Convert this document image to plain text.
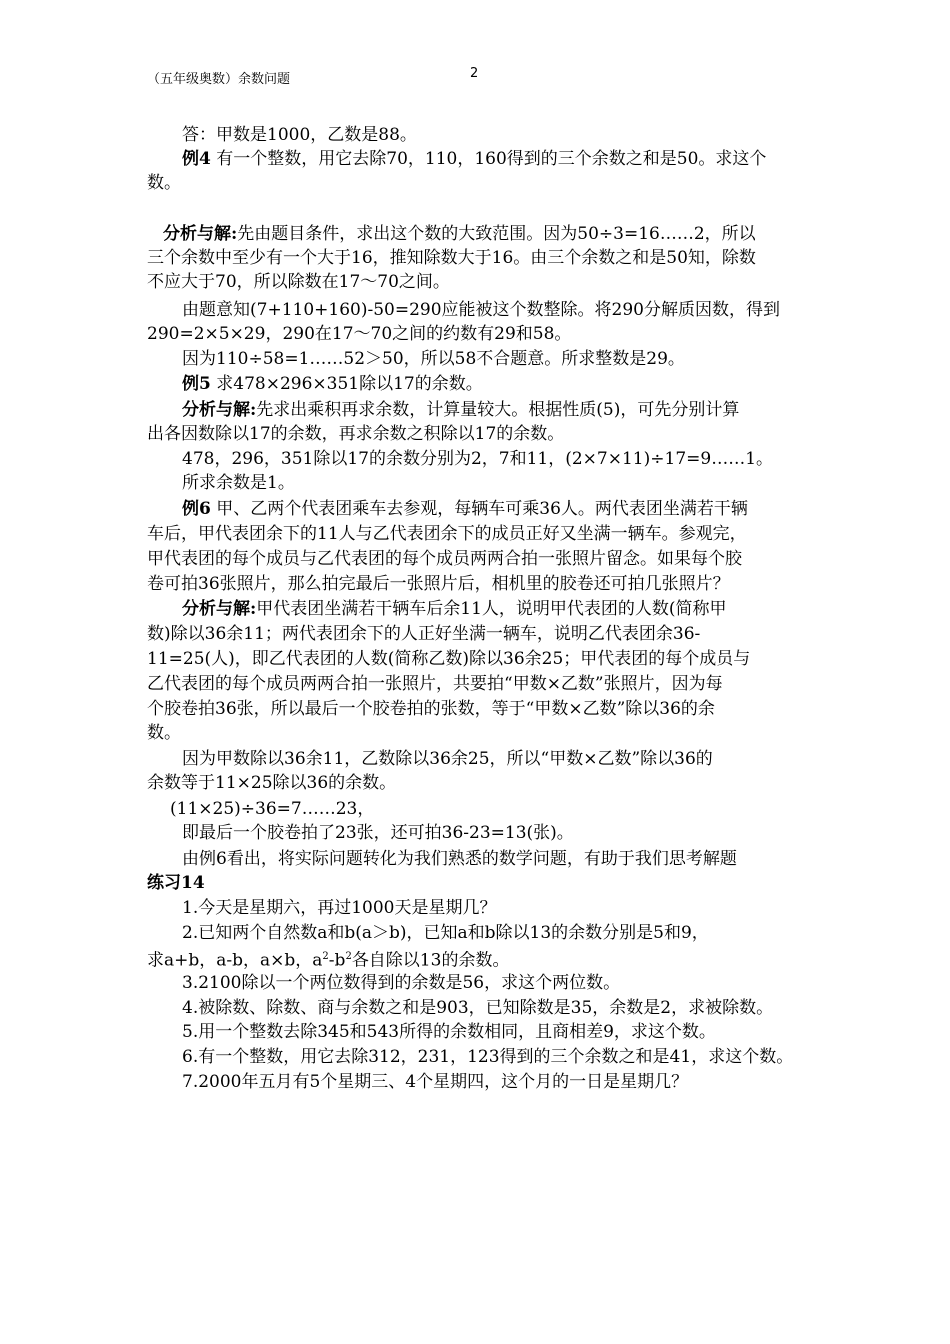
（五年级奥数）余数问题	2
答：甲数是1000，乙数是88。
例4 有一个整数，用它去除70，110，160得到的三个余数之和是50。求这个
数。
分析与解:先由题目条件，求出这个数的大致范围。因为50÷3=16……2，所以
三个余数中至少有一个大于16，推知除数大于16。由三个余数之和是50知，除数
不应大于70，所以除数在17～70之间。
由题意知(7+110+160)-50=290应能被这个数整除。将290分解质因数，得到
290=2×5×29，290在17～70之间的约数有29和58。
因为110÷58=1……52＞50，所以58不合题意。所求整数是29。
例5 求478×296×351除以17的余数。
分析与解:先求出乘积再求余数，计算量较大。根据性质(5)，可先分别计算
出各因数除以17的余数，再求余数之积除以17的余数。
478，296，351除以17的余数分别为2，7和11，(2×7×11)÷17=9……1。
所求余数是1。
例6 甲、乙两个代表团乘车去参观，每辆车可乘36人。两代表团坐满若干辆
车后，甲代表团余下的11人与乙代表团余下的成员正好又坐满一辆车。参观完，
甲代表团的每个成员与乙代表团的每个成员两两合拍一张照片留念。如果每个胶
卷可拍36张照片，那么拍完最后一张照片后，相机里的胶卷还可拍几张照片？
分析与解:甲代表团坐满若干辆车后余11人，说明甲代表团的人数(简称甲
数)除以36余11；两代表团余下的人正好坐满一辆车，说明乙代表团余36-
11=25(人)，即乙代表团的人数(简称乙数)除以36余25；甲代表团的每个成员与
乙代表团的每个成员两两合拍一张照片，共要拍“甲数×乙数”张照片，因为每
个胶卷拍36张，所以最后一个胶卷拍的张数，等于“甲数×乙数”除以36的余
数。
因为甲数除以36余11，乙数除以36余25，所以“甲数×乙数”除以36的
余数等于11×25除以36的余数。
(11×25)÷36=7……23，
即最后一个胶卷拍了23张，还可拍36-23=13(张)。
由例6看出，将实际问题转化为我们熟悉的数学问题，有助于我们思考解题
练习14
1.今天是星期六，再过1000天是星期几？
2.已知两个自然数a和b(a＞b)，已知a和b除以13的余数分别是5和9，
求a+b，a-b，a×b，$a^2-b^2$各自除以13的余数。
3.2100除以一个两位数得到的余数是56，求这个两位数。
4.被除数、除数、商与余数之和是903，已知除数是35，余数是2，求被除数。
5.用一个整数去除345和543所得的余数相同，且商相差9，求这个数。
6.有一个整数，用它去除312，231，123得到的三个余数之和是41，求这个数。
7.2000年五月有5个星期三、4个星期四，这个月的一日是星期几？
